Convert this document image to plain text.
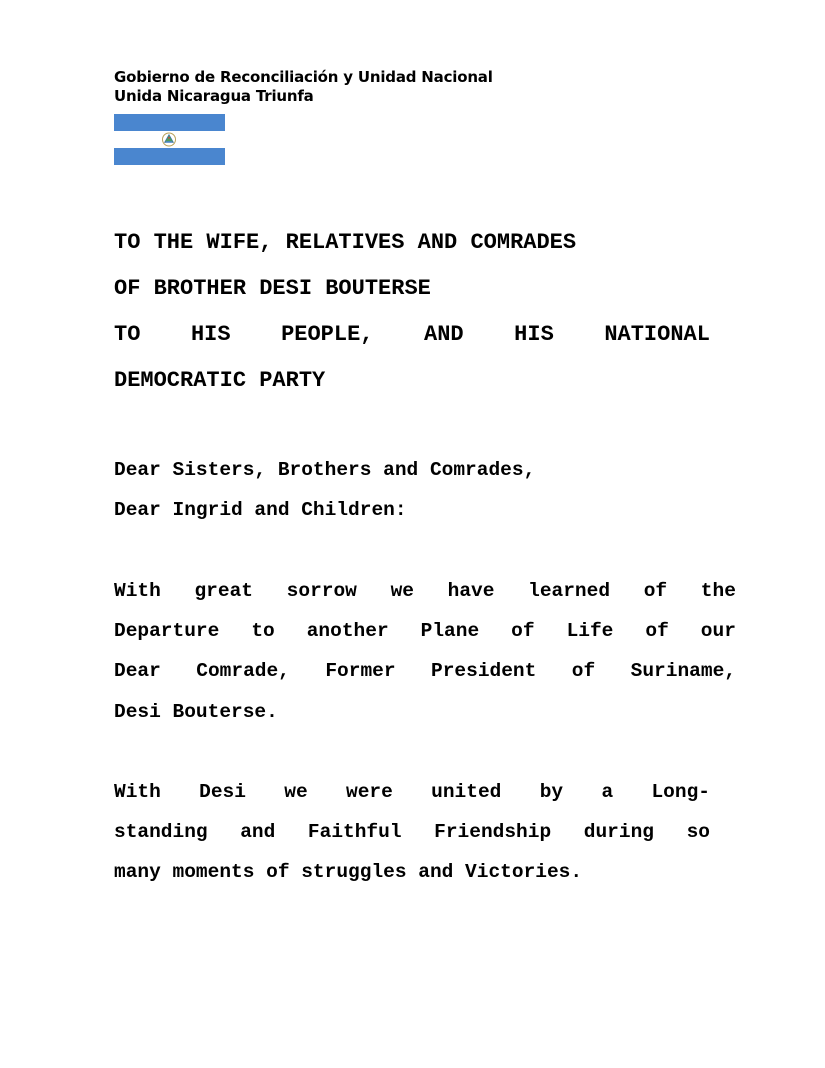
Gobierno de Reconciliación y Unidad Nacional
Unida Nicaragua Triunfa
TO THE WIFE, RELATIVES AND COMRADES
OF BROTHER DESI BOUTERSE
TO HIS PEOPLE, AND HIS NATIONAL
DEMOCRATIC PARTY
Dear Sisters, Brothers and Comrades,
Dear Ingrid and Children:
With great sorrow we have learned of the
Departure to another Plane of Life of our
Dear Comrade, Former President of Suriname,
Desi Bouterse.
With Desi we were united by a Long-
standing and Faithful Friendship during so
many moments of struggles and Victories.
